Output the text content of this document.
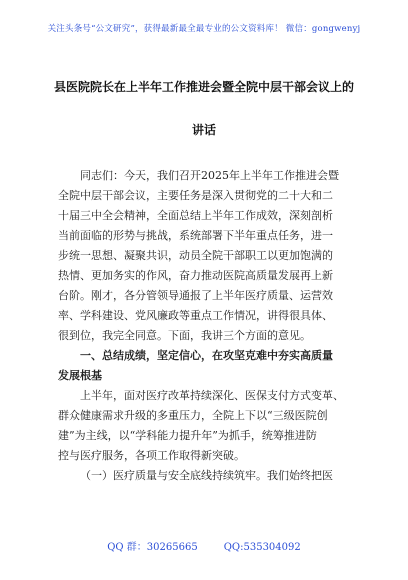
关注头条号“公文研究”，获得最新最全最专业的公文资料库！ 微信：gongwenyj
县医院院长在上半年工作推进会暨全院中层干部会议上的
讲话
同志们：今天，我们召开2025年上半年工作推进会暨
全院中层干部会议，主要任务是深入贯彻党的二十大和二
十届三中全会精神，全面总结上半年工作成效，深刻剖析
当前面临的形势与挑战，系统部署下半年重点任务，进一
步统一思想、凝聚共识，动员全院干部职工以更加饱满的
热情、更加务实的作风，奋力推动医院高质量发展再上新
台阶。刚才，各分管领导通报了上半年医疗质量、运营效
率、学科建设、党风廉政等重点工作情况，讲得很具体、
很到位，我完全同意。下面，我讲三个方面的意见。
一、总结成绩，坚定信心，在攻坚克难中夯实高质量
发展根基
上半年，面对医疗改革持续深化、医保支付方式变革、
群众健康需求升级的多重压力，全院上下以“三级医院创
建”为主线，以“学科能力提升年”为抓手，统筹推进防
控与医疗服务，各项工作取得新突破。
（一）医疗质量与安全底线持续筑牢。我们始终把医
QQ 群：30265665	QQ:535304092
